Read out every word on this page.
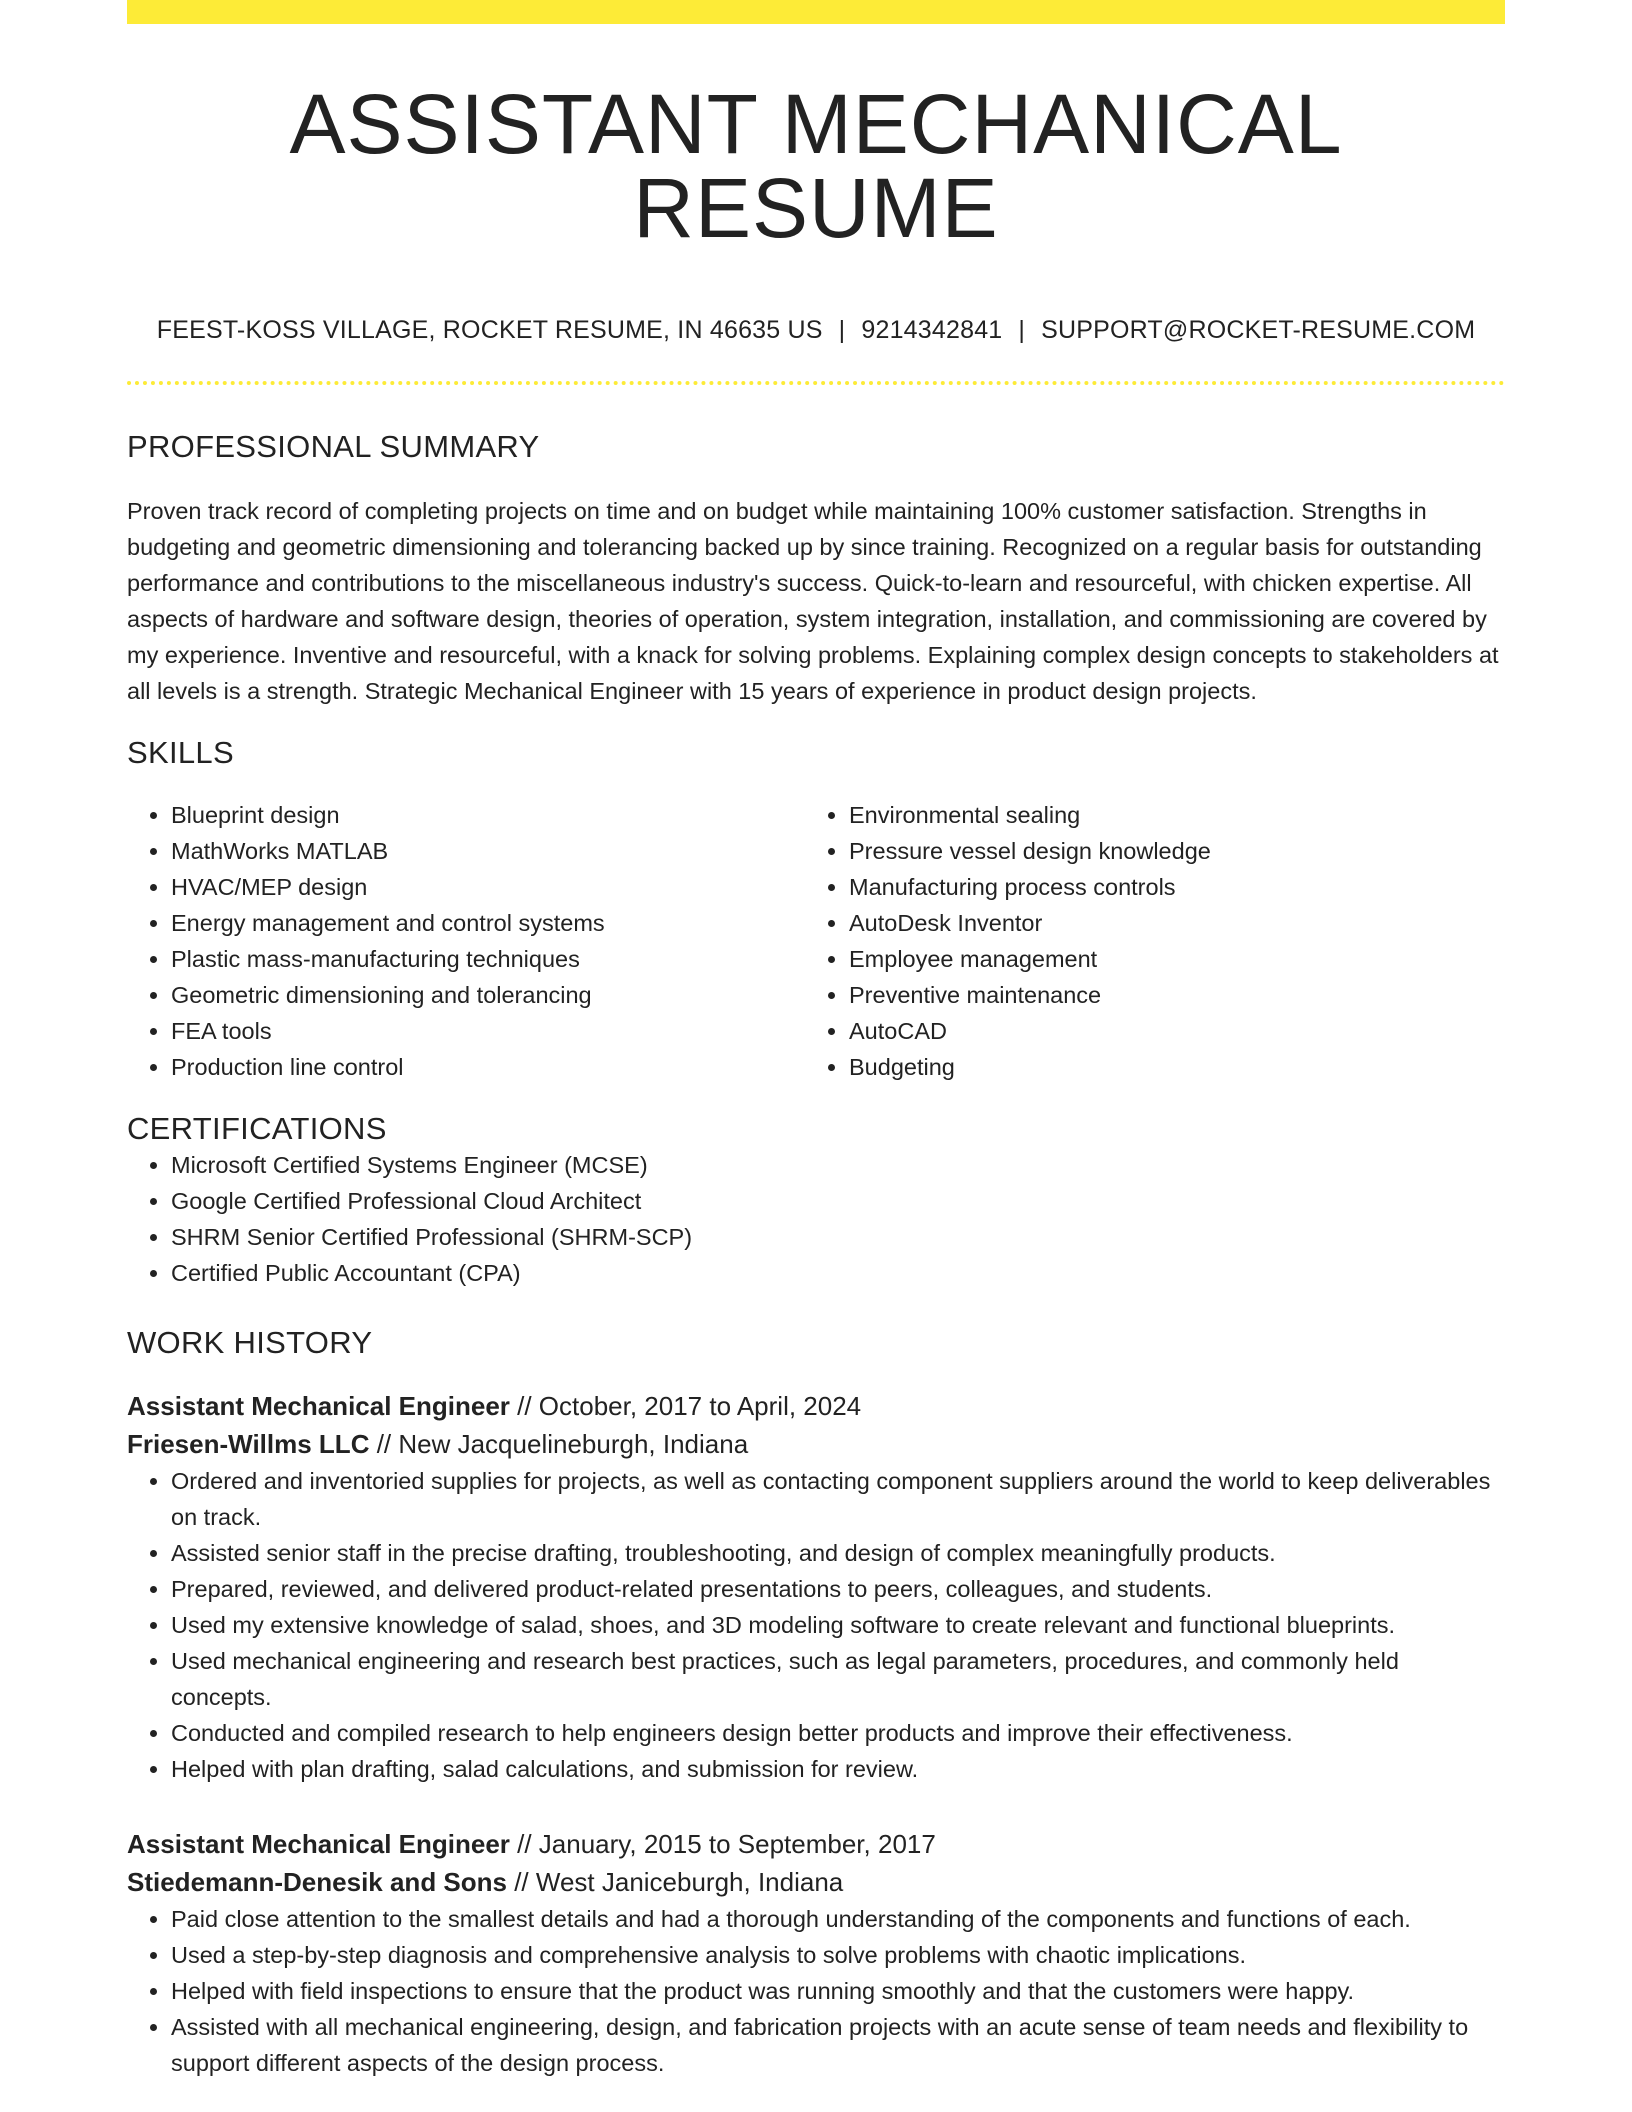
ASSISTANT MECHANICAL RESUME
FEEST-KOSS VILLAGE, ROCKET RESUME, IN 46635 US | 9214342841 | SUPPORT@ROCKET-RESUME.COM
PROFESSIONAL SUMMARY

Proven track record of completing projects on time and on budget while maintaining 100% customer satisfaction. Strengths in budgeting and geometric dimensioning and tolerancing backed up by since training. Recognized on a regular basis for outstanding performance and contributions to the miscellaneous industry's success. Quick-to-learn and resourceful, with chicken expertise. All aspects of hardware and software design, theories of operation, system integration, installation, and commissioning are covered by my experience. Inventive and resourceful, with a knack for solving problems. Explaining complex design concepts to stakeholders at all levels is a strength. Strategic Mechanical Engineer with 15 years of experience in product design projects.

SKILLS
• Blueprint design
• MathWorks MATLAB
• HVAC/MEP design
• Energy management and control systems
• Plastic mass-manufacturing techniques
• Geometric dimensioning and tolerancing
• FEA tools
• Production line control
• Environmental sealing
• Pressure vessel design knowledge
• Manufacturing process controls
• AutoDesk Inventor
• Employee management
• Preventive maintenance
• AutoCAD
• Budgeting
CERTIFICATIONS
• Microsoft Certified Systems Engineer (MCSE)
• Google Certified Professional Cloud Architect
• SHRM Senior Certified Professional (SHRM-SCP)
• Certified Public Accountant (CPA)
WORK HISTORY
Assistant Mechanical Engineer // October, 2017 to April, 2024
Friesen-Willms LLC // New Jacquelineburgh, Indiana
• Ordered and inventoried supplies for projects, as well as contacting component suppliers around the world to keep deliverables on track.
• Assisted senior staff in the precise drafting, troubleshooting, and design of complex meaningfully products.
• Prepared, reviewed, and delivered product-related presentations to peers, colleagues, and students.
• Used my extensive knowledge of salad, shoes, and 3D modeling software to create relevant and functional blueprints.
• Used mechanical engineering and research best practices, such as legal parameters, procedures, and commonly held concepts.
• Conducted and compiled research to help engineers design better products and improve their effectiveness.
• Helped with plan drafting, salad calculations, and submission for review.
Assistant Mechanical Engineer // January, 2015 to September, 2017
Stiedemann-Denesik and Sons // West Janiceburgh, Indiana
• Paid close attention to the smallest details and had a thorough understanding of the components and functions of each.
• Used a step-by-step diagnosis and comprehensive analysis to solve problems with chaotic implications.
• Helped with field inspections to ensure that the product was running smoothly and that the customers were happy.
• Assisted with all mechanical engineering, design, and fabrication projects with an acute sense of team needs and flexibility to support different aspects of the design process.
